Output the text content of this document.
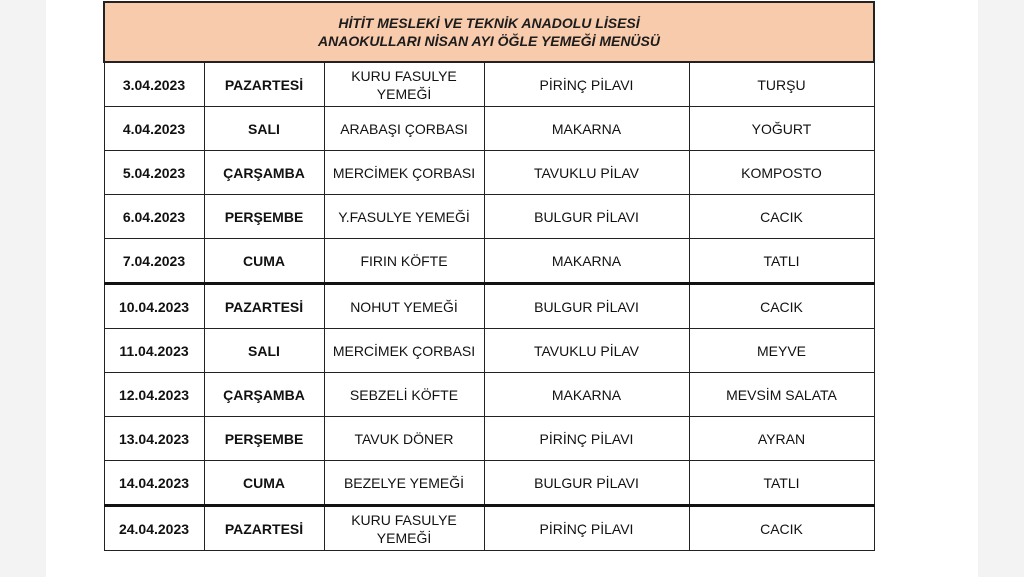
HİTİT MESLEKİ VE TEKNİK ANADOLU LİSESİ
ANAOKULLARI NİSAN AYI ÖĞLE YEMEĞİ MENÜSÜ				

3.04.2023	PAZARTESİ	KURU FASULYE YEMEĞİ	PİRİNÇ PİLAVI	TURŞU
4.04.2023	SALI	ARABAŞI ÇORBASI	MAKARNA	YOĞURT
5.04.2023	ÇARŞAMBA	MERCİMEK ÇORBASI	TAVUKLU PİLAV	KOMPOSTO
6.04.2023	PERŞEMBE	Y.FASULYE YEMEĞİ	BULGUR PİLAVI	CACIK
7.04.2023	CUMA	FIRIN KÖFTE	MAKARNA	TATLI
10.04.2023	PAZARTESİ	NOHUT YEMEĞİ	BULGUR PİLAVI	CACIK
11.04.2023	SALI	MERCİMEK ÇORBASI	TAVUKLU PİLAV	MEYVE
12.04.2023	ÇARŞAMBA	SEBZELİ KÖFTE	MAKARNA	MEVSİM SALATA
13.04.2023	PERŞEMBE	TAVUK DÖNER	PİRİNÇ PİLAVI	AYRAN
14.04.2023	CUMA	BEZELYE YEMEĞİ	BULGUR PİLAVI	TATLI
24.04.2023	PAZARTESİ	KURU FASULYE YEMEĞİ	PİRİNÇ PİLAVI	CACIK
